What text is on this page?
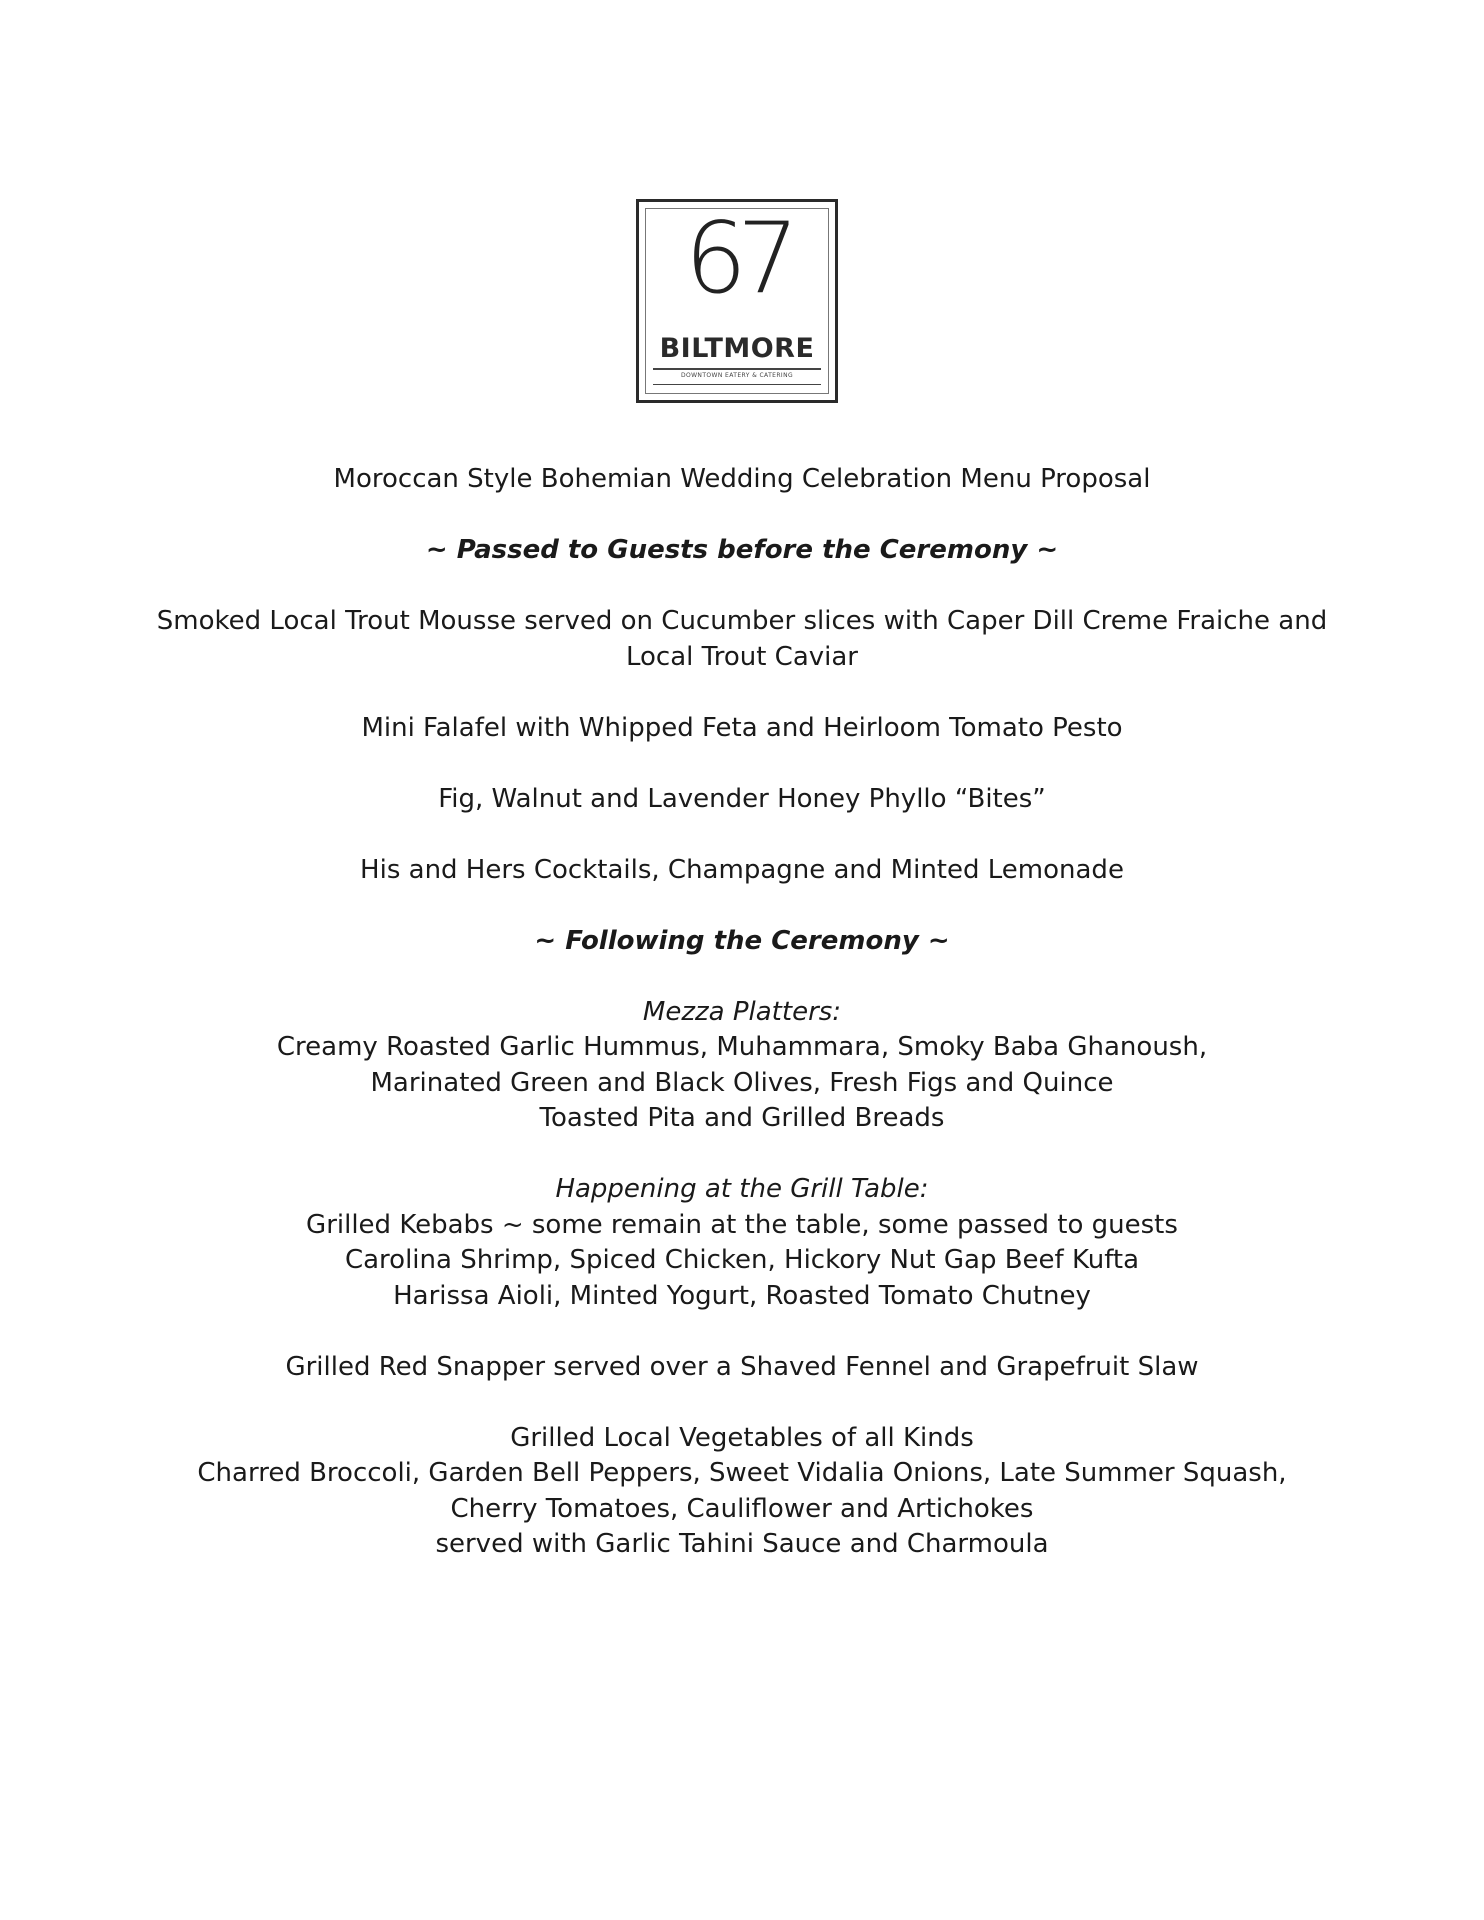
67
BILTMORE
DOWNTOWN EATERY & CATERING
Moroccan Style Bohemian Wedding Celebration Menu Proposal
~ Passed to Guests before the Ceremony ~
Smoked Local Trout Mousse served on Cucumber slices with Caper Dill Creme Fraiche and
Local Trout Caviar
Mini Falafel with Whipped Feta and Heirloom Tomato Pesto
Fig, Walnut and Lavender Honey Phyllo “Bites”
His and Hers Cocktails, Champagne and Minted Lemonade
~ Following the Ceremony ~
Mezza Platters:
Creamy Roasted Garlic Hummus, Muhammara, Smoky Baba Ghanoush,
Marinated Green and Black Olives, Fresh Figs and Quince
Toasted Pita and Grilled Breads
Happening at the Grill Table:
Grilled Kebabs ~ some remain at the table, some passed to guests
Carolina Shrimp, Spiced Chicken, Hickory Nut Gap Beef Kufta
Harissa Aioli, Minted Yogurt, Roasted Tomato Chutney
Grilled Red Snapper served over a Shaved Fennel and Grapefruit Slaw
Grilled Local Vegetables of all Kinds
Charred Broccoli, Garden Bell Peppers, Sweet Vidalia Onions, Late Summer Squash,
Cherry Tomatoes, Cauliflower and Artichokes
served with Garlic Tahini Sauce and Charmoula
